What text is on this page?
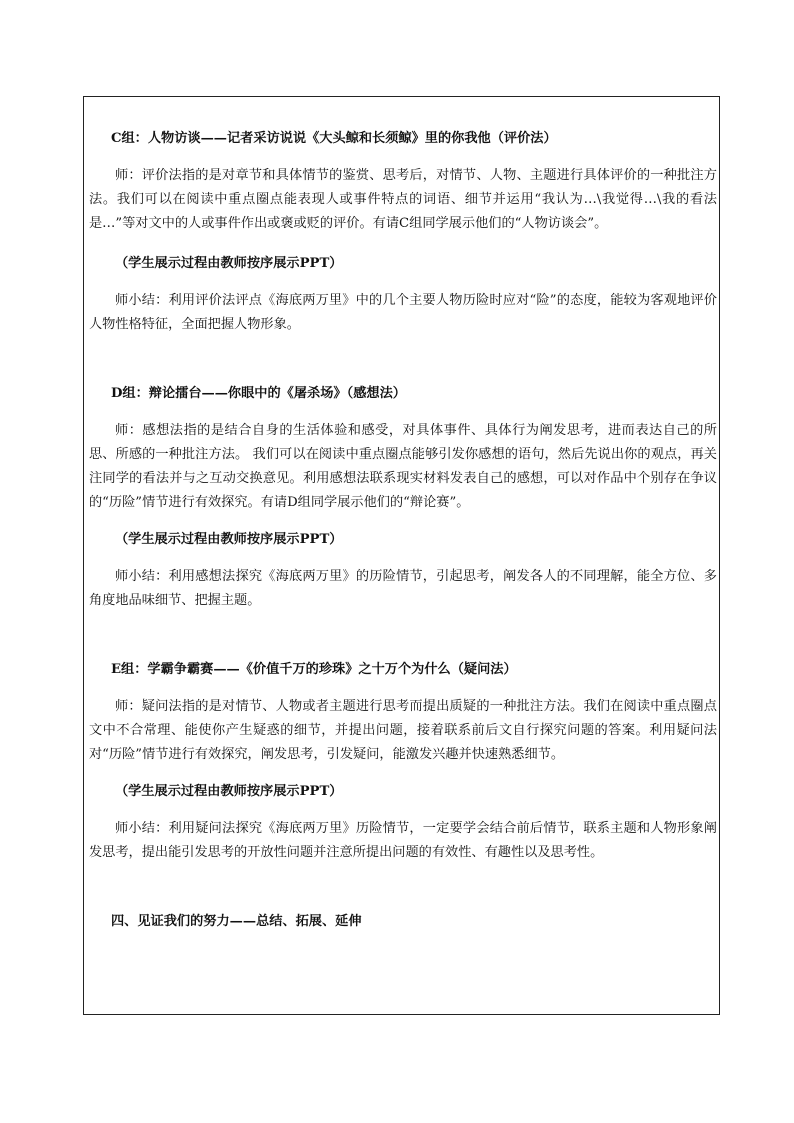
C组：人物访谈——记者采访说说《大头鲸和长须鲸》里的你我他（评价法）

师：评价法指的是对章节和具体情节的鉴赏、思考后，对情节、人物、主题进行具体评价的一种批注方法。我们可以在阅读中重点圈点能表现人或事件特点的词语、细节并运用“我认为…\我觉得…\我的看法是…”等对文中的人或事件作出或褒或贬的评价。有请C组同学展示他们的“人物访谈会”。

（学生展示过程由教师按序展示PPT）

师小结：利用评价法评点《海底两万里》中的几个主要人物历险时应对“险”的态度，能较为客观地评价人物性格特征，全面把握人物形象。

D组：辩论擂台——你眼中的《屠杀场》（感想法）

师：感想法指的是结合自身的生活体验和感受，对具体事件、具体行为阐发思考，进而表达自己的所思、所感的一种批注方法。 我们可以在阅读中重点圈点能够引发你感想的语句，然后先说出你的观点，再关注同学的看法并与之互动交换意见。利用感想法联系现实材料发表自己的感想，可以对作品中个别存在争议的“历险”情节进行有效探究。有请D组同学展示他们的“辩论赛”。

（学生展示过程由教师按序展示PPT）

师小结：利用感想法探究《海底两万里》的历险情节，引起思考，阐发各人的不同理解，能全方位、多角度地品味细节、把握主题。

E组：学霸争霸赛——《价值千万的珍珠》之十万个为什么（疑问法）

师：疑问法指的是对情节、人物或者主题进行思考而提出质疑的一种批注方法。我们在阅读中重点圈点文中不合常理、能使你产生疑惑的细节，并提出问题，接着联系前后文自行探究问题的答案。利用疑问法对“历险”情节进行有效探究，阐发思考，引发疑问，能激发兴趣并快速熟悉细节。

（学生展示过程由教师按序展示PPT）

师小结：利用疑问法探究《海底两万里》历险情节，一定要学会结合前后情节，联系主题和人物形象阐发思考，提出能引发思考的开放性问题并注意所提出问题的有效性、有趣性以及思考性。

四、见证我们的努力——总结、拓展、延伸
